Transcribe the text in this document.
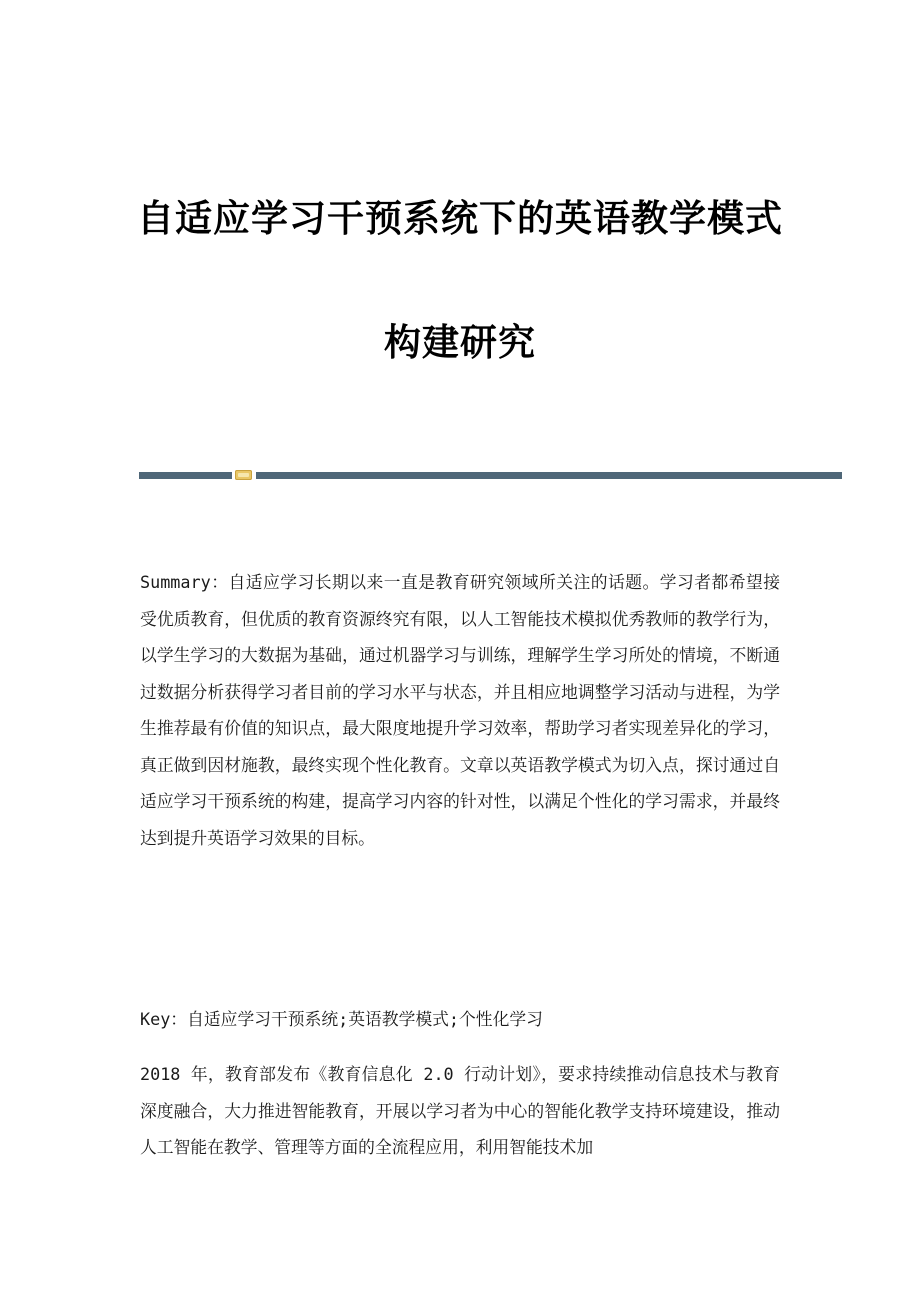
自适应学习干预系统下的英语教学模式
构建研究

Summary：自适应学习长期以来一直是教育研究领域所关注的话题。学习者都希望接受优质教育，但优质的教育资源终究有限，以人工智能技术模拟优秀教师的教学行为，以学生学习的大数据为基础，通过机器学习与训练，理解学生学习所处的情境，不断通过数据分析获得学习者目前的学习水平与状态，并且相应地调整学习活动与进程，为学生推荐最有价值的知识点，最大限度地提升学习效率，帮助学习者实现差异化的学习，真正做到因材施教，最终实现个性化教育。文章以英语教学模式为切入点，探讨通过自适应学习干预系统的构建，提高学习内容的针对性，以满足个性化的学习需求，并最终达到提升英语学习效果的目标。

Key：自适应学习干预系统;英语教学模式;个性化学习

2018 年，教育部发布《教育信息化 2.0 行动计划》，要求持续推动信息技术与教育深度融合，大力推进智能教育，开展以学习者为中心的智能化教学支持环境建设，推动人工智能在教学、管理等方面的全流程应用，利用智能技术加
